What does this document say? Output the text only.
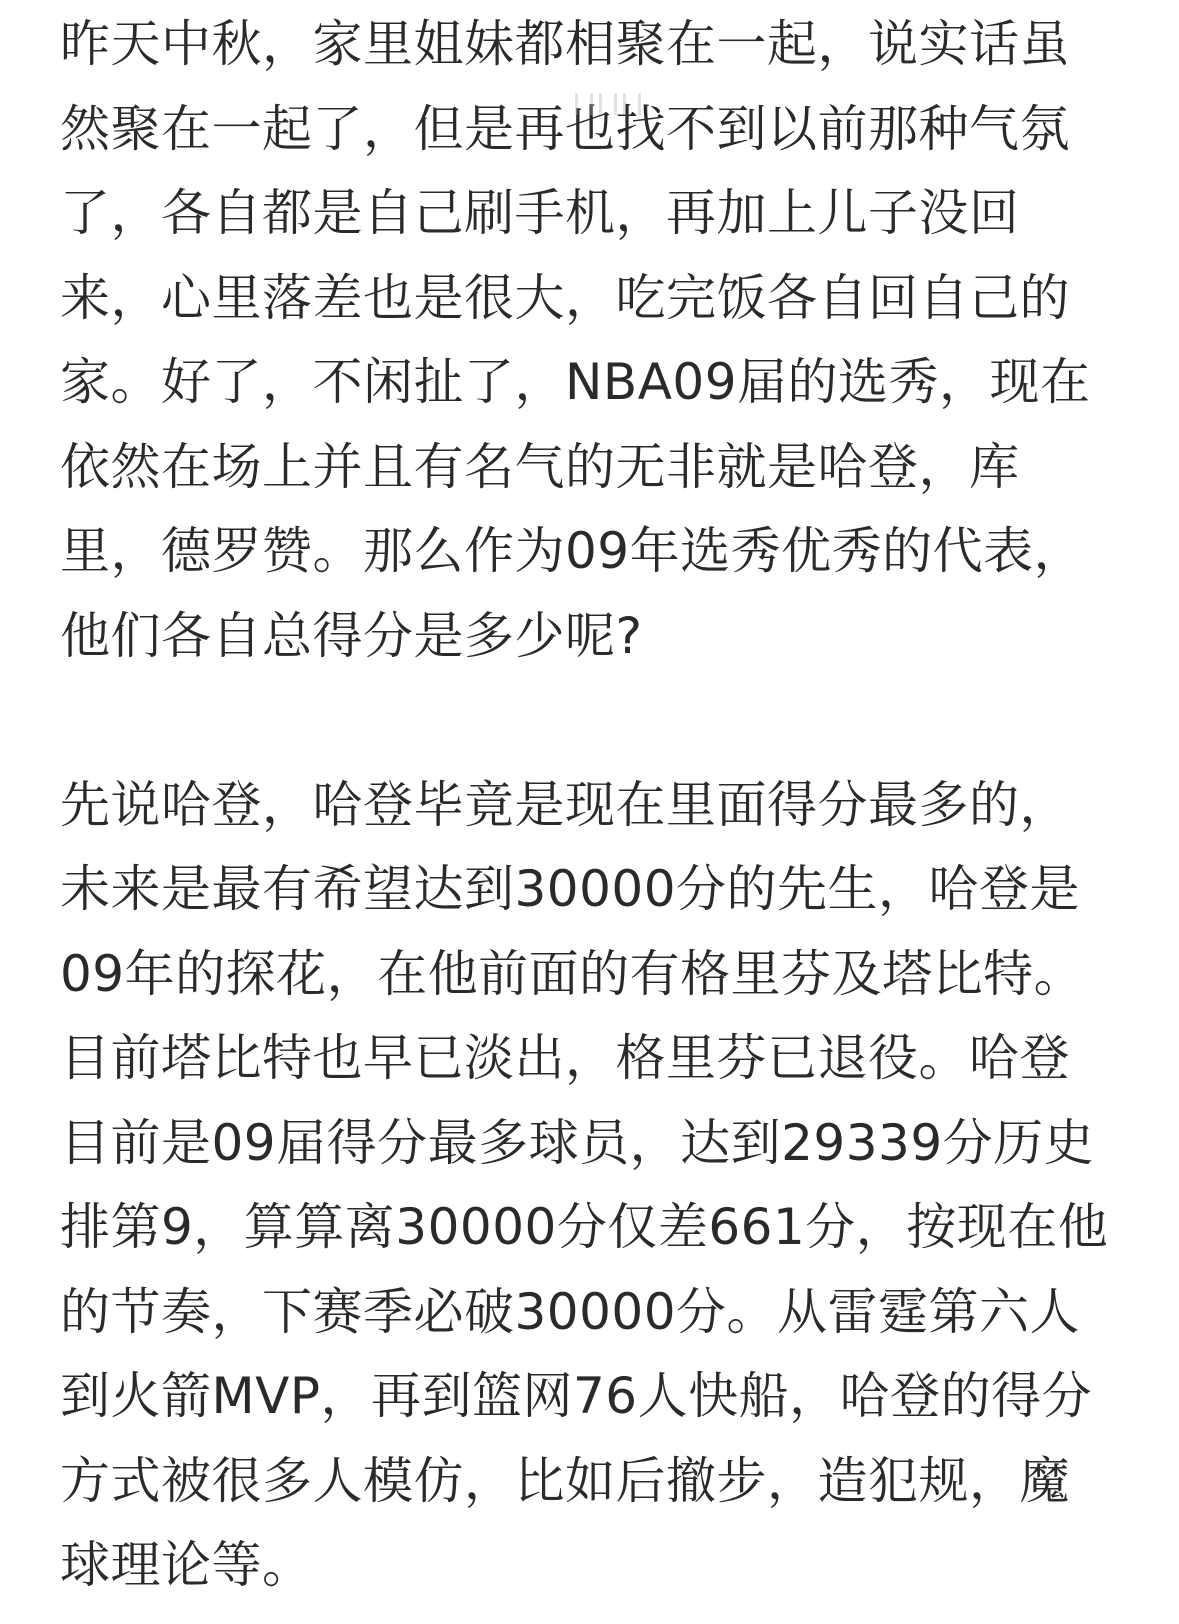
昨天中秋，家里姐妹都相聚在一起，说实话虽
然聚在一起了，但是再也找不到以前那种气氛
了，各自都是自己刷手机，再加上儿子没回
来，心里落差也是很大，吃完饭各自回自己的
家。好了，不闲扯了，NBA09届的选秀，现在
依然在场上并且有名气的无非就是哈登，库
里，德罗赞。那么作为09年选秀优秀的代表，
他们各自总得分是多少呢?
先说哈登，哈登毕竟是现在里面得分最多的，
未来是最有希望达到30000分的先生，哈登是
09年的探花，在他前面的有格里芬及塔比特。
目前塔比特也早已淡出，格里芬已退役。哈登
目前是09届得分最多球员，达到29339分历史
排第9，算算离30000分仅差661分，按现在他
的节奏，下赛季必破30000分。从雷霆第六人
到火箭MVP，再到篮网76人快船，哈登的得分
方式被很多人模仿，比如后撤步，造犯规，魔
球理论等。
